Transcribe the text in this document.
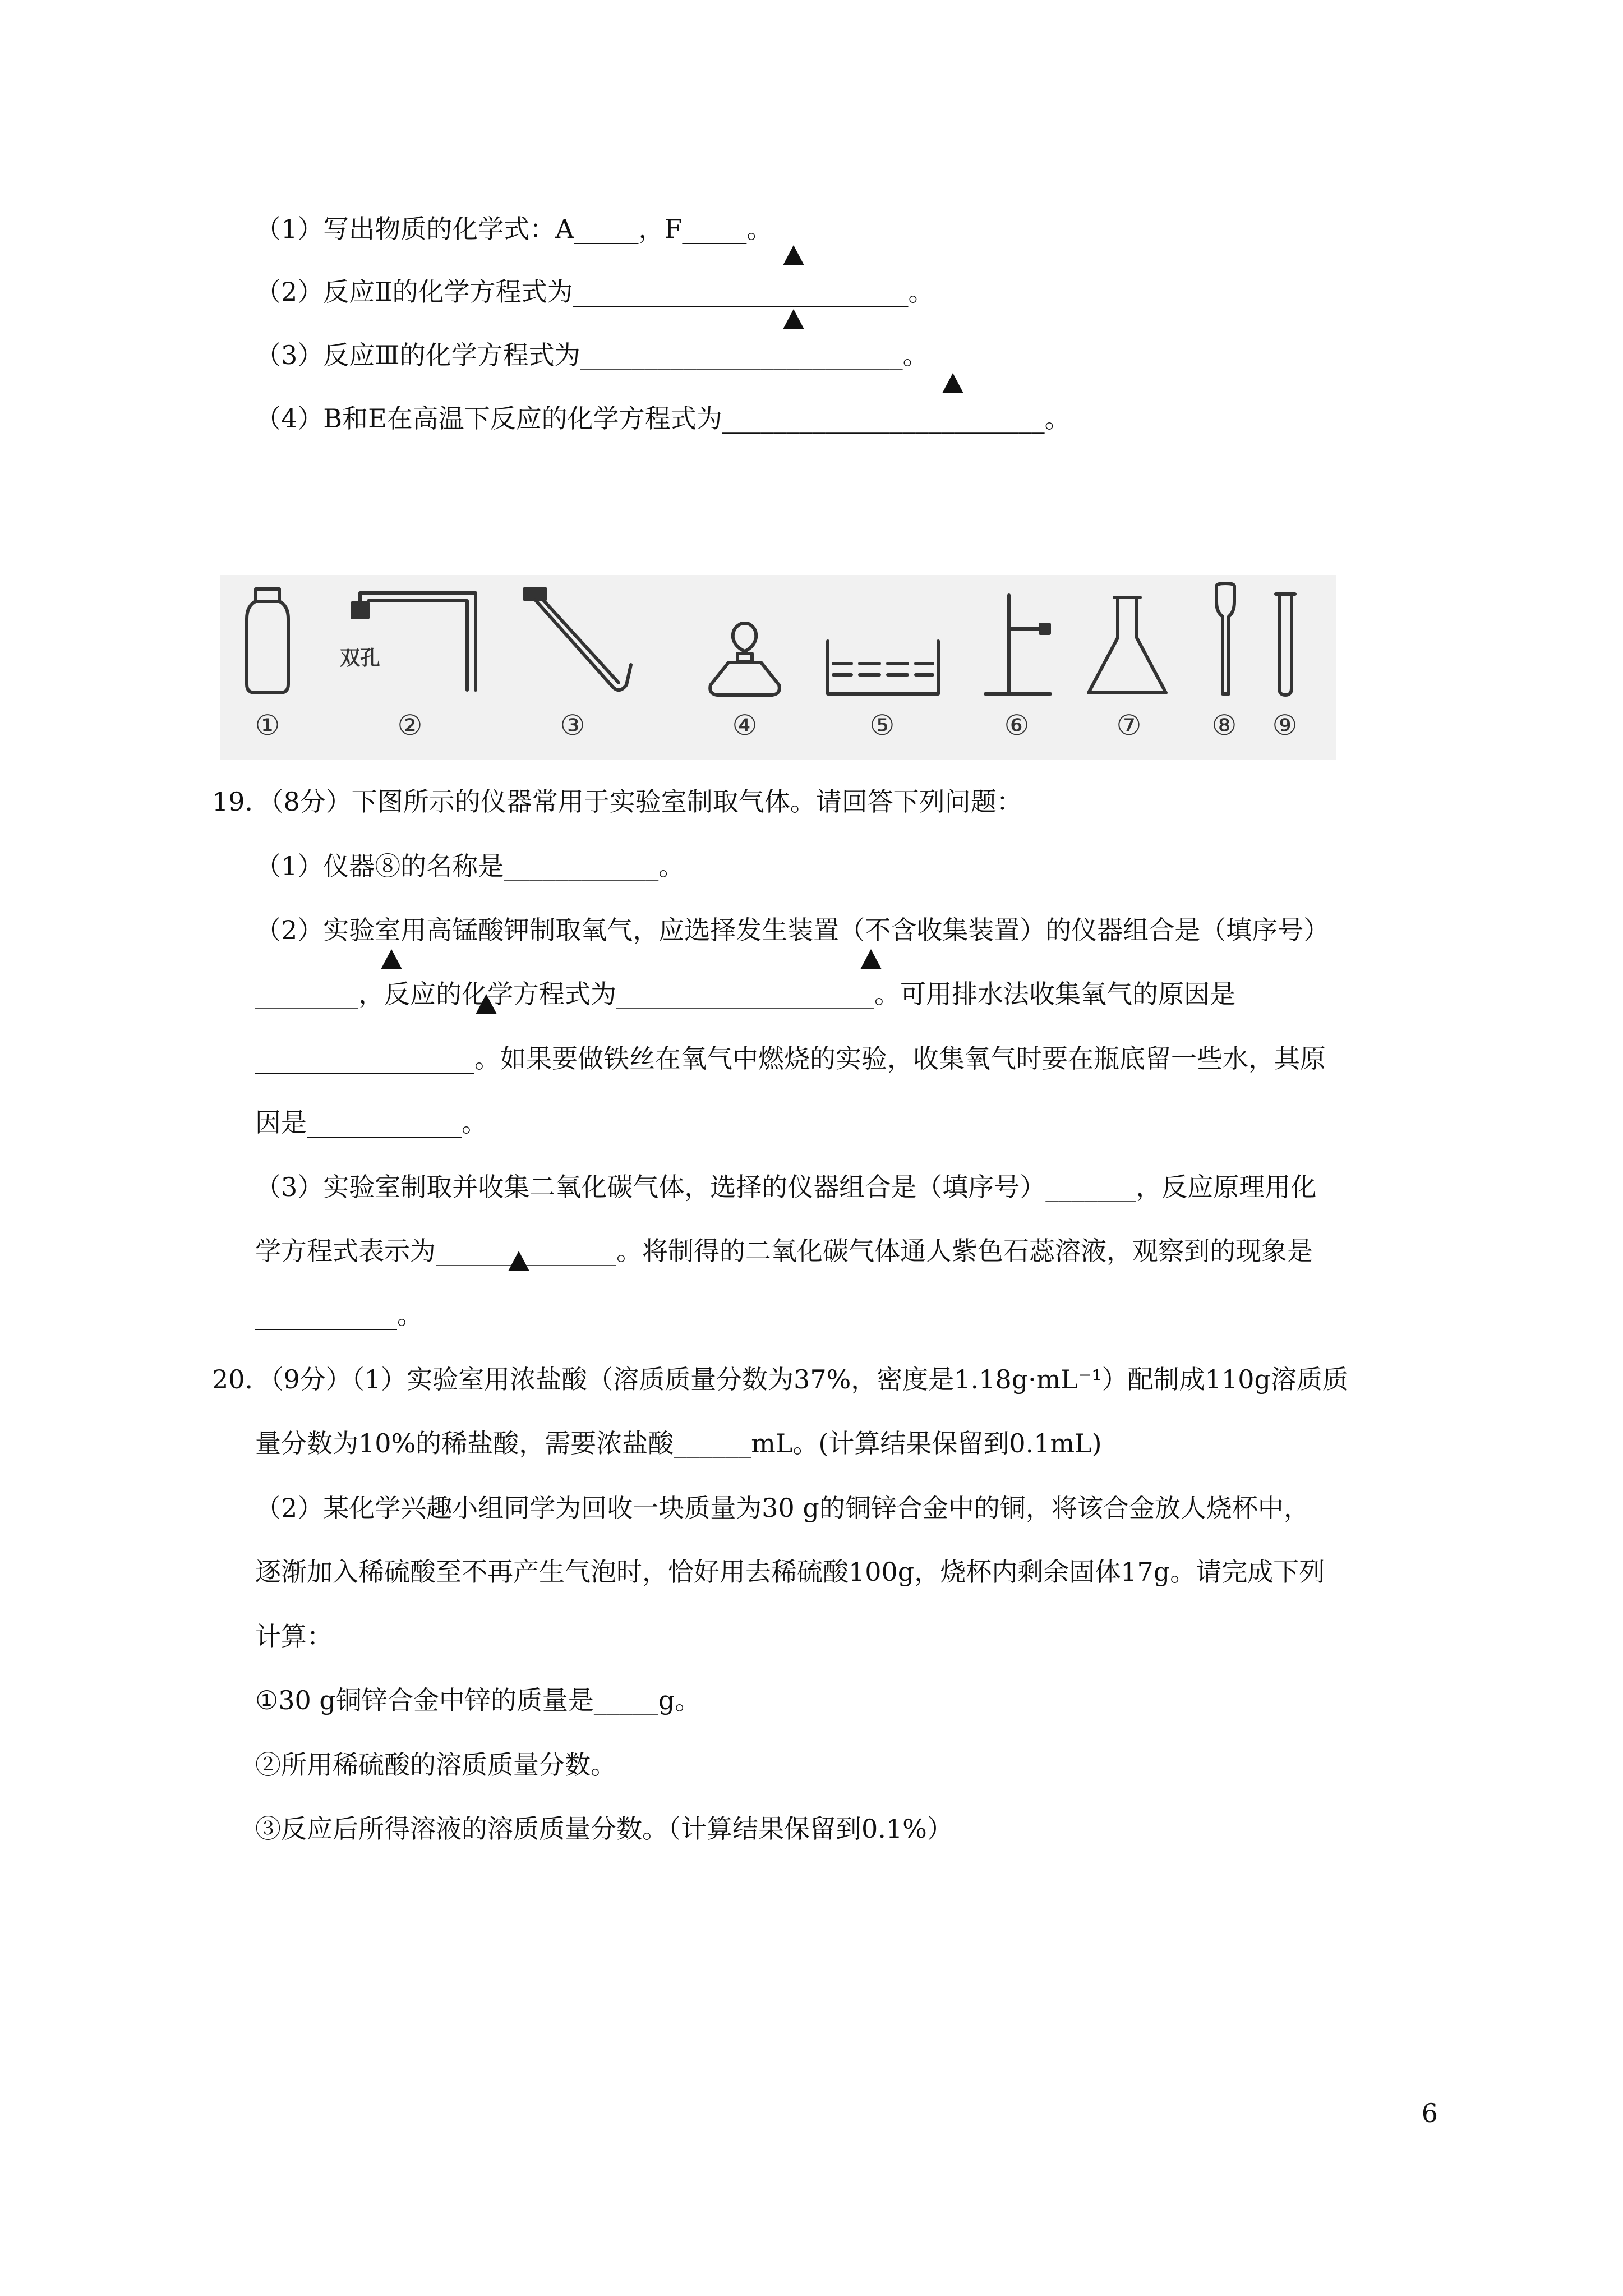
（1）写出物质的化学式：A_____，F_____。
（2）反应Ⅱ的化学方程式为__________________________。
（3）反应Ⅲ的化学方程式为_________________________。
（4）B和E在高温下反应的化学方程式为_________________________。
双孔
①	②	③	④	⑤	⑥	⑦	⑧ ⑨
19．（8分）下图所示的仪器常用于实验室制取气体。请回答下列问题：
（1）仪器⑧的名称是____________。
（2）实验室用高锰酸钾制取氧气，应选择发生装置（不含收集装置）的仪器组合是（填序号）
________，反应的化学方程式为____________________。可用排水法收集氧气的原因是
_________________。如果要做铁丝在氧气中燃烧的实验，收集氧气时要在瓶底留一些水，其原
因是____________。
（3）实验室制取并收集二氧化碳气体，选择的仪器组合是（填序号）_______，反应原理用化
学方程式表示为______________。将制得的二氧化碳气体通人紫色石蕊溶液，观察到的现象是
___________。
20．（9分）（1）实验室用浓盐酸（溶质质量分数为37%，密度是1.18g·mL⁻¹）配制成110g溶质质
量分数为10%的稀盐酸，需要浓盐酸______mL。(计算结果保留到0.1mL)
（2）某化学兴趣小组同学为回收一块质量为30 g的铜锌合金中的铜，将该合金放人烧杯中，
逐渐加入稀硫酸至不再产生气泡时，恰好用去稀硫酸100g，烧杯内剩余固体17g。请完成下列
计算：
①30 g铜锌合金中锌的质量是_____g。
②所用稀硫酸的溶质质量分数。
③反应后所得溶液的溶质质量分数。（计算结果保留到0.1%）
6
